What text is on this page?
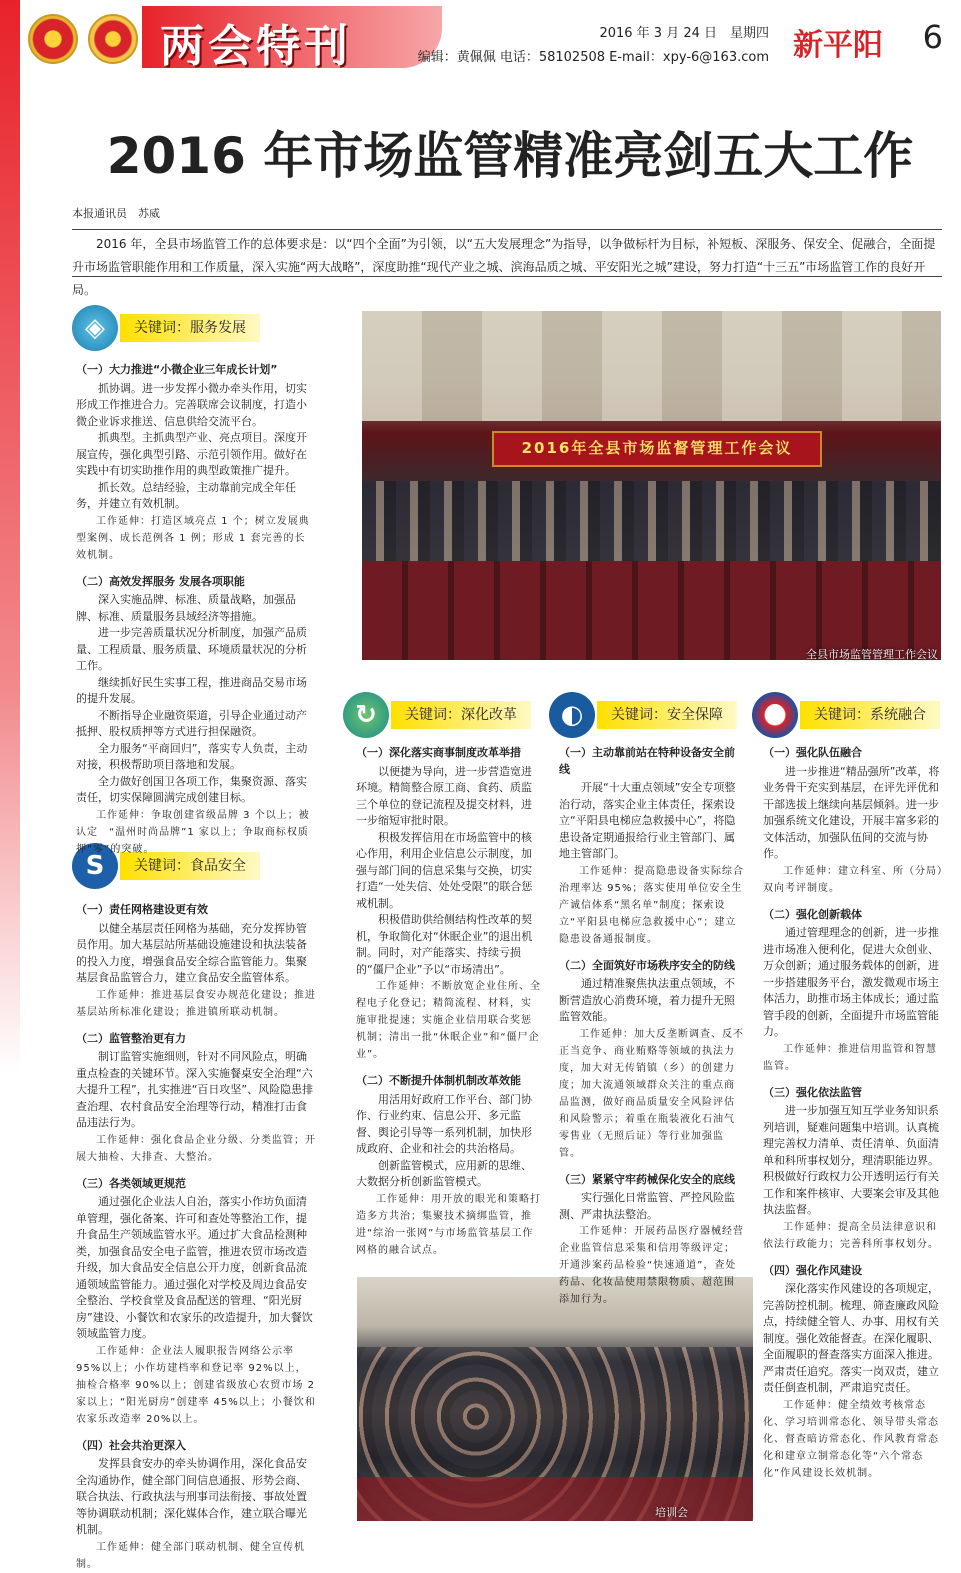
两会特刊	2016 年 3 月 24 日　星期四
编辑：黄佩佩 电话：58102508 E-mail：xpy-6@163.com 新平阳 6
2016 年市场监管精准亮剑五大工作
本报通讯员　苏威
2016 年，全县市场监管工作的总体要求是：以“四个全面”为引领，以“五大发展理念”为指导，以争做标杆为目标，补短板、深服务、保安全、促融合，全面提升市场监管职能作用和工作质量，深入实施“两大战略”，深度助推“现代产业之城、滨海品质之城、平安阳光之城”建设，努力打造“十三五”市场监管工作的良好开局。
2016年全县市场监督管理工作会议
全县市场监管管理工作会议
培训会
◈	关键词：服务发展
S	关键词：食品安全
↻	关键词：深化改革	◐	关键词：安全保障	®	关键词：系统融合
（一）大力推进“小微企业三年成长计划”

抓协调。进一步发挥小微办牵头作用，切实形成工作推进合力。完善联席会议制度，打造小微企业诉求推送、信息供给交流平台。

抓典型。主抓典型产业、亮点项目。深度开展宣传，强化典型引路、示范引领作用。做好在实践中有切实助推作用的典型政策推广提升。

抓长效。总结经验，主动靠前完成全年任务，并建立有效机制。

工作延伸：打造区域亮点 1 个；树立发展典型案例、成长范例各 1 例；形成 1 套完善的长效机制。

（二）高效发挥服务 发展各项职能

深入实施品牌、标准、质量战略，加强品牌、标准、质量服务县域经济等措施。

进一步完善质量状况分析制度，加强产品质量、工程质量、服务质量、环境质量状况的分析工作。

继续抓好民生实事工程，推进商品交易市场的提升发展。

不断指导企业融资渠道，引导企业通过动产抵押、股权质押等方式进行担保融资。

全力服务“平商回归”，落实专人负责，主动对接，积极帮助项目落地和发展。

全力做好创国卫各项工作，集聚资源、落实责任，切实保障圆满完成创建目标。

工作延伸：争取创建省级品牌 3 个以上；被认定　“温州时尚品牌”1 家以上；争取商标权质押“零”的突破。

（一）责任网格建设更有效

以健全基层责任网格为基础，充分发挥协管员作用。加大基层站所基础设施建设和执法装备的投入力度，增强食品安全综合监管能力。集聚基层食品监管合力，建立食品安全监管体系。

工作延伸：推进基层食安办规范化建设；推进基层站所标准化建设；推进镇所联动机制。

（二）监管整治更有力

制订监管实施细则，针对不同风险点，明确重点检查的关键环节。深入实施餐桌安全治理“六大提升工程”，扎实推进“百日攻坚”、风险隐患排查治理、农村食品安全治理等行动，精准打击食品违法行为。

工作延伸：强化食品企业分级、分类监管；开展大抽检、大排查、大整治。

（三）各类领域更规范

通过强化企业法人自治，落实小作坊负面清单管理，强化备案、许可和查处等整治工作，提升食品生产领域监管水平。通过扩大食品检测种类，加强食品安全电子监管，推进农贸市场改造升级，加大食品安全信息公开力度，创新食品流通领域监管能力。通过强化对学校及周边食品安全整治、学校食堂及食品配送的管理、“阳光厨房”建设、小餐饮和农家乐的改造提升，加大餐饮领域监管力度。

工作延伸：企业法人履职报告网络公示率 95%以上；小作坊建档率和登记率 92%以上，抽检合格率 90%以上；创建省级放心农贸市场 2 家以上；“阳光厨房”创建率 45%以上；小餐饮和农家乐改造率 20%以上。

（四）社会共治更深入

发挥县食安办的牵头协调作用，深化食品安全沟通协作，健全部门间信息通报、形势会商、联合执法、行政执法与刑事司法衔接、事故处置等协调联动机制；深化媒体合作，建立联合曝光机制。

工作延伸：健全部门联动机制、健全宣传机制。

（一）深化落实商事制度改革举措

以便捷为导向，进一步营造宽进环境。精简整合原工商、食药、质监三个单位的登记流程及提交材料，进一步缩短审批时限。

积极发挥信用在市场监管中的核心作用，利用企业信息公示制度，加强与部门间的信息采集与交换，切实打造“一处失信、处处受限”的联合惩戒机制。

积极借助供给侧结构性改革的契机，争取简化对“休眠企业”的退出机制。同时，对产能落实、持续亏损的“僵尸企业”予以“市场清出”。

工作延伸：不断放宽企业住所、全程电子化登记；精简流程、材料，实施审批提速；实施企业信用联合奖惩机制；清出一批“休眠企业”和“僵尸企业”。

（二）不断提升体制机制改革效能

用活用好政府工作平台、部门协作、行业约束、信息公开、多元监督、舆论引导等一系列机制，加快形成政府、企业和社会的共治格局。

创新监管模式，应用新的思维、大数据分析创新监管模式。

工作延伸：用开放的眼光和策略打造多方共治；集聚技术摘绑监管，推进“综治一张网”与市场监管基层工作网格的融合试点。

（一）主动靠前站在特种设备安全前线

开展“十大重点领域”安全专项整治行动，落实企业主体责任，探索设立“平阳县电梯应急救援中心”，将隐患设备定期通报给行业主管部门、属地主管部门。

工作延伸：提高隐患设备实际综合治理率达 95%；落实使用单位安全生产诚信体系“黑名单”制度；探索设立“平阳县电梯应急救援中心”；建立隐患设备通报制度。

（二）全面筑好市场秩序安全的防线

通过精准聚焦执法重点领域，不断营造放心消费环境，着力提升无照监管效能。

工作延伸：加大反垄断调查、反不正当竞争、商业贿赂等领域的执法力度，加大对无传销镇（乡）的创建力度；加大流通领域群众关注的重点商品监测，做好商品质量安全风险评估和风险警示；着重在瓶装液化石油气零售业（无照后证）等行业加强监管。

（三）紧紧守牢药械保化安全的底线

实行强化日常监管、严控风险监测、严肃执法整治。

工作延伸：开展药品医疗器械经营企业监管信息采集和信用等级评定；开通涉案药品检验“快速通道”，查处药品、化妆品使用禁限物质、超范围添加行为。

（一）强化队伍融合

进一步推进“精品强所”改革，将业务骨干充实到基层，在评先评优和干部选拔上继续向基层倾斜。进一步加强系统文化建设，开展丰富多彩的文体活动，加强队伍间的交流与协作。

工作延伸：建立科室、所（分局）双向考评制度。

（二）强化创新载体

通过管理理念的创新，进一步推进市场准入便利化，促进大众创业、万众创新；通过服务载体的创新，进一步搭建服务平台，激发微观市场主体活力，助推市场主体成长；通过监管手段的创新，全面提升市场监管能力。

工作延伸：推进信用监管和智慧监管。

（三）强化依法监管

进一步加强互知互学业务知识系列培训，疑难问题集中培训。认真梳理完善权力清单、责任清单、负面清单和科所事权划分，理清职能边界。积极做好行政权力公开透明运行有关工作和案件核审、大要案会审及其他执法监督。

工作延伸：提高全员法律意识和依法行政能力；完善科所事权划分。

（四）强化作风建设

深化落实作风建设的各项规定，完善防控机制。梳理、筛查廉政风险点，持续健全管人、办事、用权有关制度。强化效能督查。在深化履职、全面履职的督查落实方面深入推进。严肃责任追究。落实一岗双责，建立责任倒查机制，严肃追究责任。

工作延伸：健全绩效考核常态化、学习培训常态化、领导带头常态化、督查暗访常态化、作风教育常态化和建章立制常态化等“六个常态化”作风建设长效机制。
